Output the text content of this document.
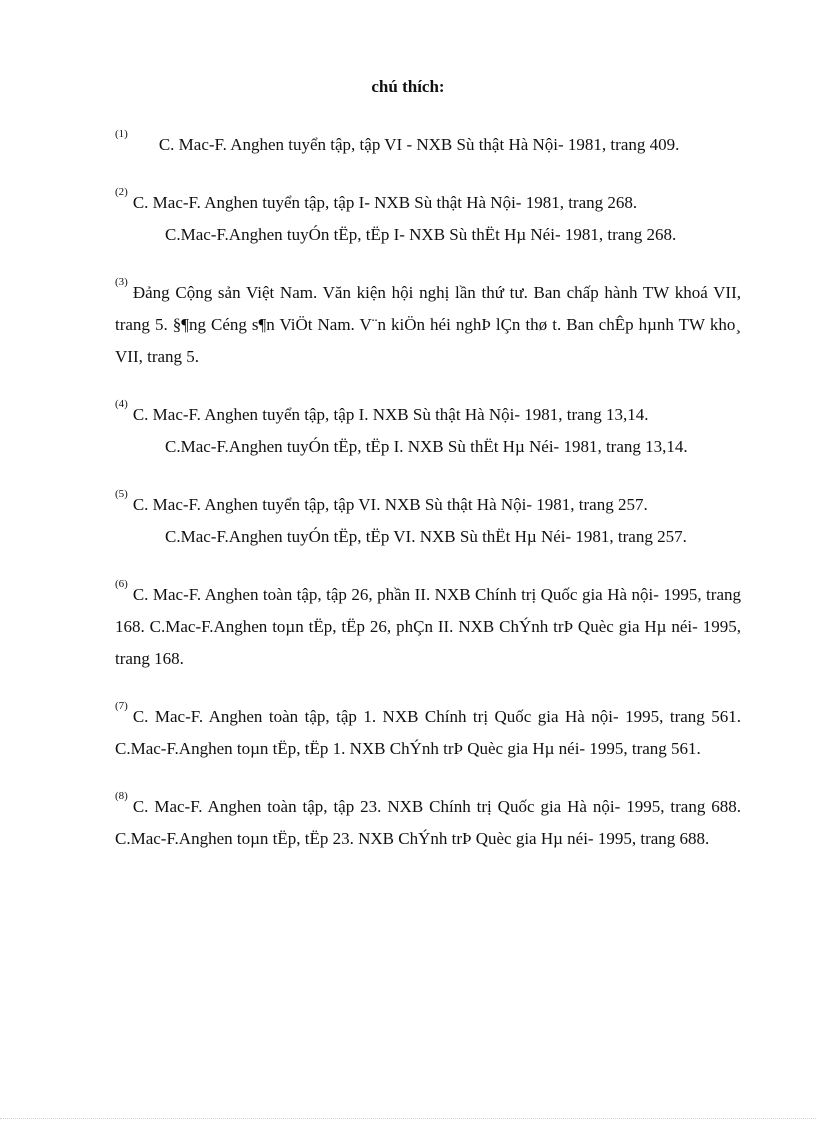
chú thích:
$^{(1)}$C. Mac-F. Anghen tuyển tập, tập VI - NXB Sù thật Hà Nội- 1981, trang 409.
$^{(2)}$C. Mac-F. Anghen tuyển tập, tập I- NXB Sù thật Hà Nội- 1981, trang 268.
C.Mac-F.Anghen tuyÓn tËp, tËp I- NXB Sù thËt Hµ Néi- 1981, trang 268.
$^{(3)}$Đảng Cộng sản Việt Nam. Văn kiện hội nghị lần thứ tư. Ban chấp hành TW khoá VII, trang 5. §¶ng Céng s¶n ViÖt Nam. V¨n kiÖn héi nghÞ lÇn thø t. Ban chÊp hµnh TW kho¸ VII, trang 5.
$^{(4)}$C. Mac-F. Anghen tuyển tập, tập I. NXB Sù thật Hà Nội- 1981, trang 13,14.
C.Mac-F.Anghen tuyÓn tËp, tËp I. NXB Sù thËt Hµ Néi- 1981, trang 13,14.
$^{(5)}$C. Mac-F. Anghen tuyển tập, tập VI. NXB Sù thật Hà Nội- 1981, trang 257.
C.Mac-F.Anghen tuyÓn tËp, tËp VI. NXB Sù thËt Hµ Néi- 1981, trang 257.
$^{(6)}$C. Mac-F. Anghen toàn tập, tập 26, phần II. NXB Chính trị Quốc gia Hà nội- 1995, trang 168. C.Mac-F.Anghen toµn tËp, tËp 26, phÇn II. NXB ChÝnh trÞ Quèc gia Hµ néi- 1995, trang 168.
$^{(7)}$C. Mac-F. Anghen toàn tập, tập 1. NXB Chính trị Quốc gia Hà nội- 1995, trang 561. C.Mac-F.Anghen toµn tËp, tËp 1. NXB ChÝnh trÞ Quèc gia Hµ néi- 1995, trang 561.
$^{(8)}$C. Mac-F. Anghen toàn tập, tập 23. NXB Chính trị Quốc gia Hà nội- 1995, trang 688. C.Mac-F.Anghen toµn tËp, tËp 23. NXB ChÝnh trÞ Quèc gia Hµ néi- 1995, trang 688.
